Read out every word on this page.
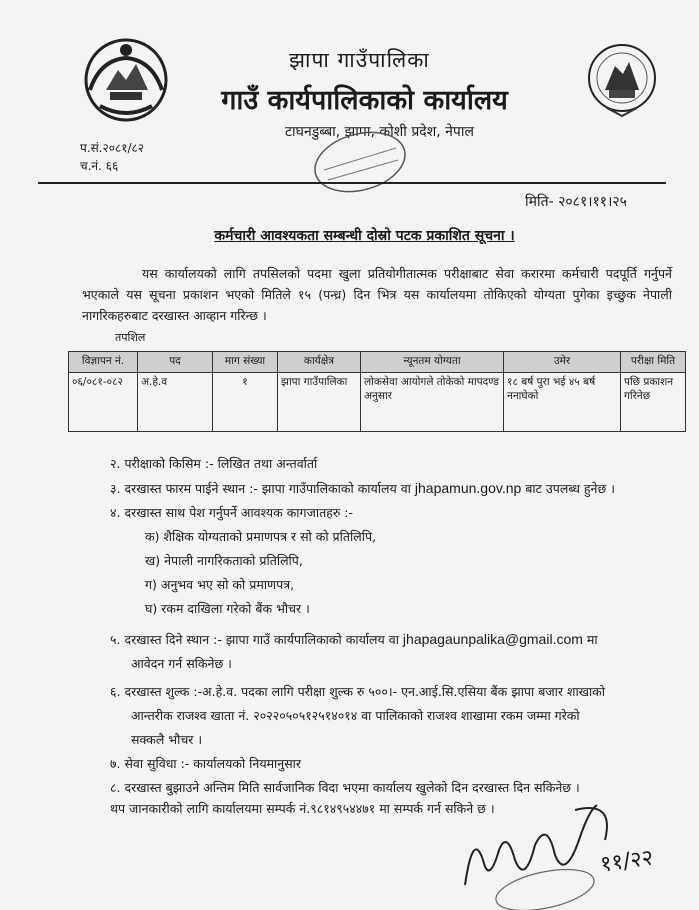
झापा गाउँपालिका
गाउँ कार्यपालिकाको कार्यालय
टाघनडुब्बा, झापा, कोशी प्रदेश, नेपाल
प.सं.२०८१/८२
च.नं. ६६
मिति- २०८१।११।२५
कर्मचारी आवश्यकता सम्बन्धी दोस्रो पटक प्रकाशित सूचना ।
यस कार्यालयको लागि तपसिलको पदमा खुला प्रतियोगीतात्मक परीक्षाबाट सेवा करारमा कर्मचारी पदपूर्ति गर्नुपर्ने भएकाले यस सूचना प्रकाशन भएको मितिले १५ (पन्ध्र) दिन भित्र यस कार्यालयमा तोकिएको योग्यता पुगेका इच्छुक नेपाली नागरिकहरुबाट दरखास्त आव्हान गरिन्छ ।
तपशिल
विज्ञापन नं.	पद	माग संख्या	कार्यक्षेत्र	न्यूनतम योग्यता	उमेर	परीक्षा मिति
०६/०८१-०८२	अ.हे.व	१	झापा गाउँपालिका	लोकसेवा आयोगले तोकेको मापदण्ड अनुसार	१८ बर्ष पुरा भई ४५ बर्ष ननाघेको	पछि प्रकाशन गरिनेछ
२. परीक्षाको किसिम :- लिखित तथा अन्तर्वार्ता
३. दरखास्त फारम पाईने स्थान :- झापा गाउँपालिकाको कार्यालय वा jhapamun.gov.np बाट उपलब्ध हुनेछ ।
४. दरखास्त साथ पेश गर्नुपर्ने आवश्यक कागजातहरु :-
क) शैक्षिक योग्यताको प्रमाणपत्र र सो को प्रतिलिपि,
ख) नेपाली नागरिकताको प्रतिलिपि,
ग) अनुभव भए सो को प्रमाणपत्र,
घ) रकम दाखिला गरेको बैंक भौचर ।
५. दरखास्त दिने स्थान :- झापा गाउँ कार्यपालिकाको कार्यालय वा jhapagaunpalika@gmail.com मा
आवेदन गर्न सकिनेछ ।
६. दरखास्त शुल्क :-अ.हे.व. पदका लागि परीक्षा शुल्क रु ५००।- एन.आई.सि.एसिया बैंक झापा बजार शाखाको
आन्तरीक राजश्व खाता नं. २०२२०५०५१२५१४०१४ वा पालिकाको राजश्व शाखामा रकम जम्मा गरेको
सक्कलै भौचर ।
७. सेवा सुविधा :- कार्यालयको नियमानुसार
८. दरखास्त बुझाउने अन्तिम मिति सार्वजानिक विदा भएमा कार्यालय खुलेको दिन दरखास्त दिन सकिनेछ ।
थप जानकारीको लागि कार्यालयमा सम्पर्क नं.९८१४९५४४७१ मा सम्पर्क गर्न सकिने छ ।
११/२२
